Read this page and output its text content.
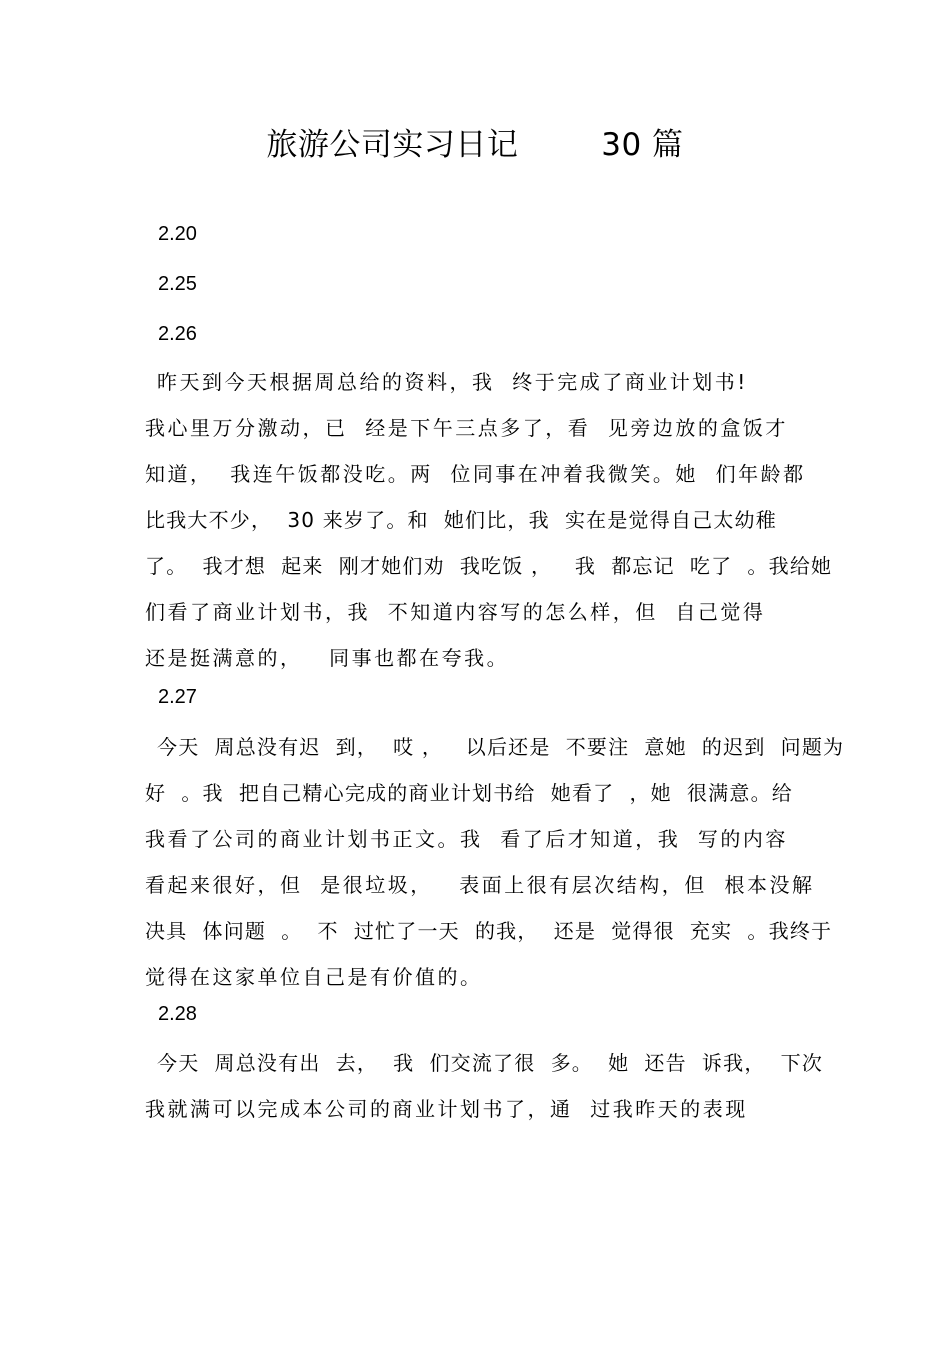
旅游公司实习日记        30 篇
2.20
2.25
2.26
昨天到今天根据周总给的资料，我  终于完成了商业计划书!
我心里万分激动，已  经是下午三点多了，看  见旁边放的盒饭才
知道，  我连午饭都没吃。两  位同事在冲着我微笑。她  们年龄都
比我大不少，  30 来岁了。和  她们比，我  实在是觉得自己太幼稚
了。  我才想  起来  刚才她们劝  我吃饭 ，   我  都忘记  吃了  。我给她
们看了商业计划书，我  不知道内容写的怎么样，但  自己觉得
还是挺满意的，   同事也都在夸我。
2.27
今天  周总没有迟  到，  哎 ，   以后还是  不要注  意她  的迟到  问题为
好  。我  把自己精心完成的商业计划书给  她看了  ，她  很满意。给
我看了公司的商业计划书正文。我  看了后才知道，我  写的内容
看起来很好，但  是很垃圾，   表面上很有层次结构，但  根本没解
决具  体问题  。  不  过忙了一天  的我，  还是  觉得很  充实  。我终于
觉得在这家单位自己是有价值的。
2.28
今天  周总没有出  去，  我  们交流了很  多。  她  还告  诉我，  下次
我就满可以完成本公司的商业计划书了，通  过我昨天的表现
